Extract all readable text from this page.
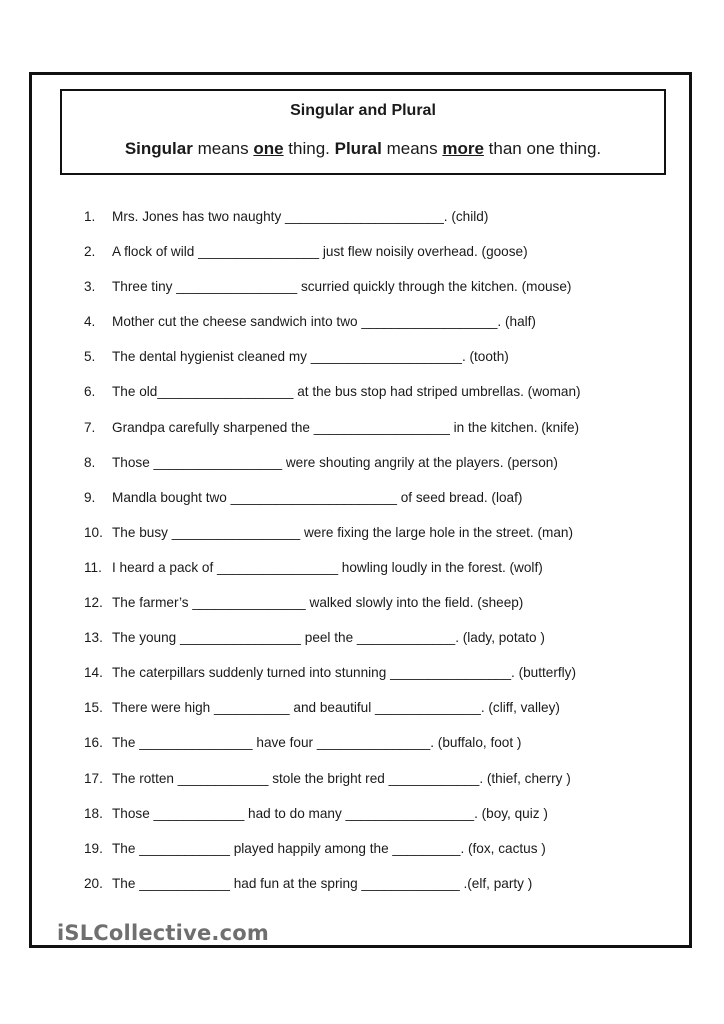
Singular and Plural
Singular means one thing. Plural means more than one thing.
1.	Mrs. Jones has two naughty _____________________. (child)
2.	A flock of wild ________________ just flew noisily overhead. (goose)
3.	Three tiny ________________ scurried quickly through the kitchen. (mouse)
4.	Mother cut the cheese sandwich into two __________________. (half)
5.	The dental hygienist cleaned my ____________________. (tooth)
6.	The old__________________ at the bus stop had striped umbrellas. (woman)
7.	Grandpa carefully sharpened the __________________ in the kitchen. (knife)
8.	Those _________________ were shouting angrily at the players. (person)
9.	Mandla bought two ______________________ of seed bread. (loaf)
10. The busy _________________ were fixing the large hole in the street. (man)
11. I heard a pack of ________________ howling loudly in the forest. (wolf)
12. The farmer’s _______________ walked slowly into the field. (sheep)
13. The young ________________ peel the _____________. (lady, potato )
14. The caterpillars suddenly turned into stunning ________________. (butterfly)
15. There were high __________ and beautiful ______________. (cliff, valley)
16. The _______________ have four _______________. (buffalo, foot )
17. The rotten ____________ stole the bright red ____________. (thief, cherry )
18. Those ____________ had to do many _________________. (boy, quiz )
19. The ____________ played happily among the _________. (fox, cactus )
20. The ____________ had fun at the spring _____________ .(elf, party )
iSLCollective.com
